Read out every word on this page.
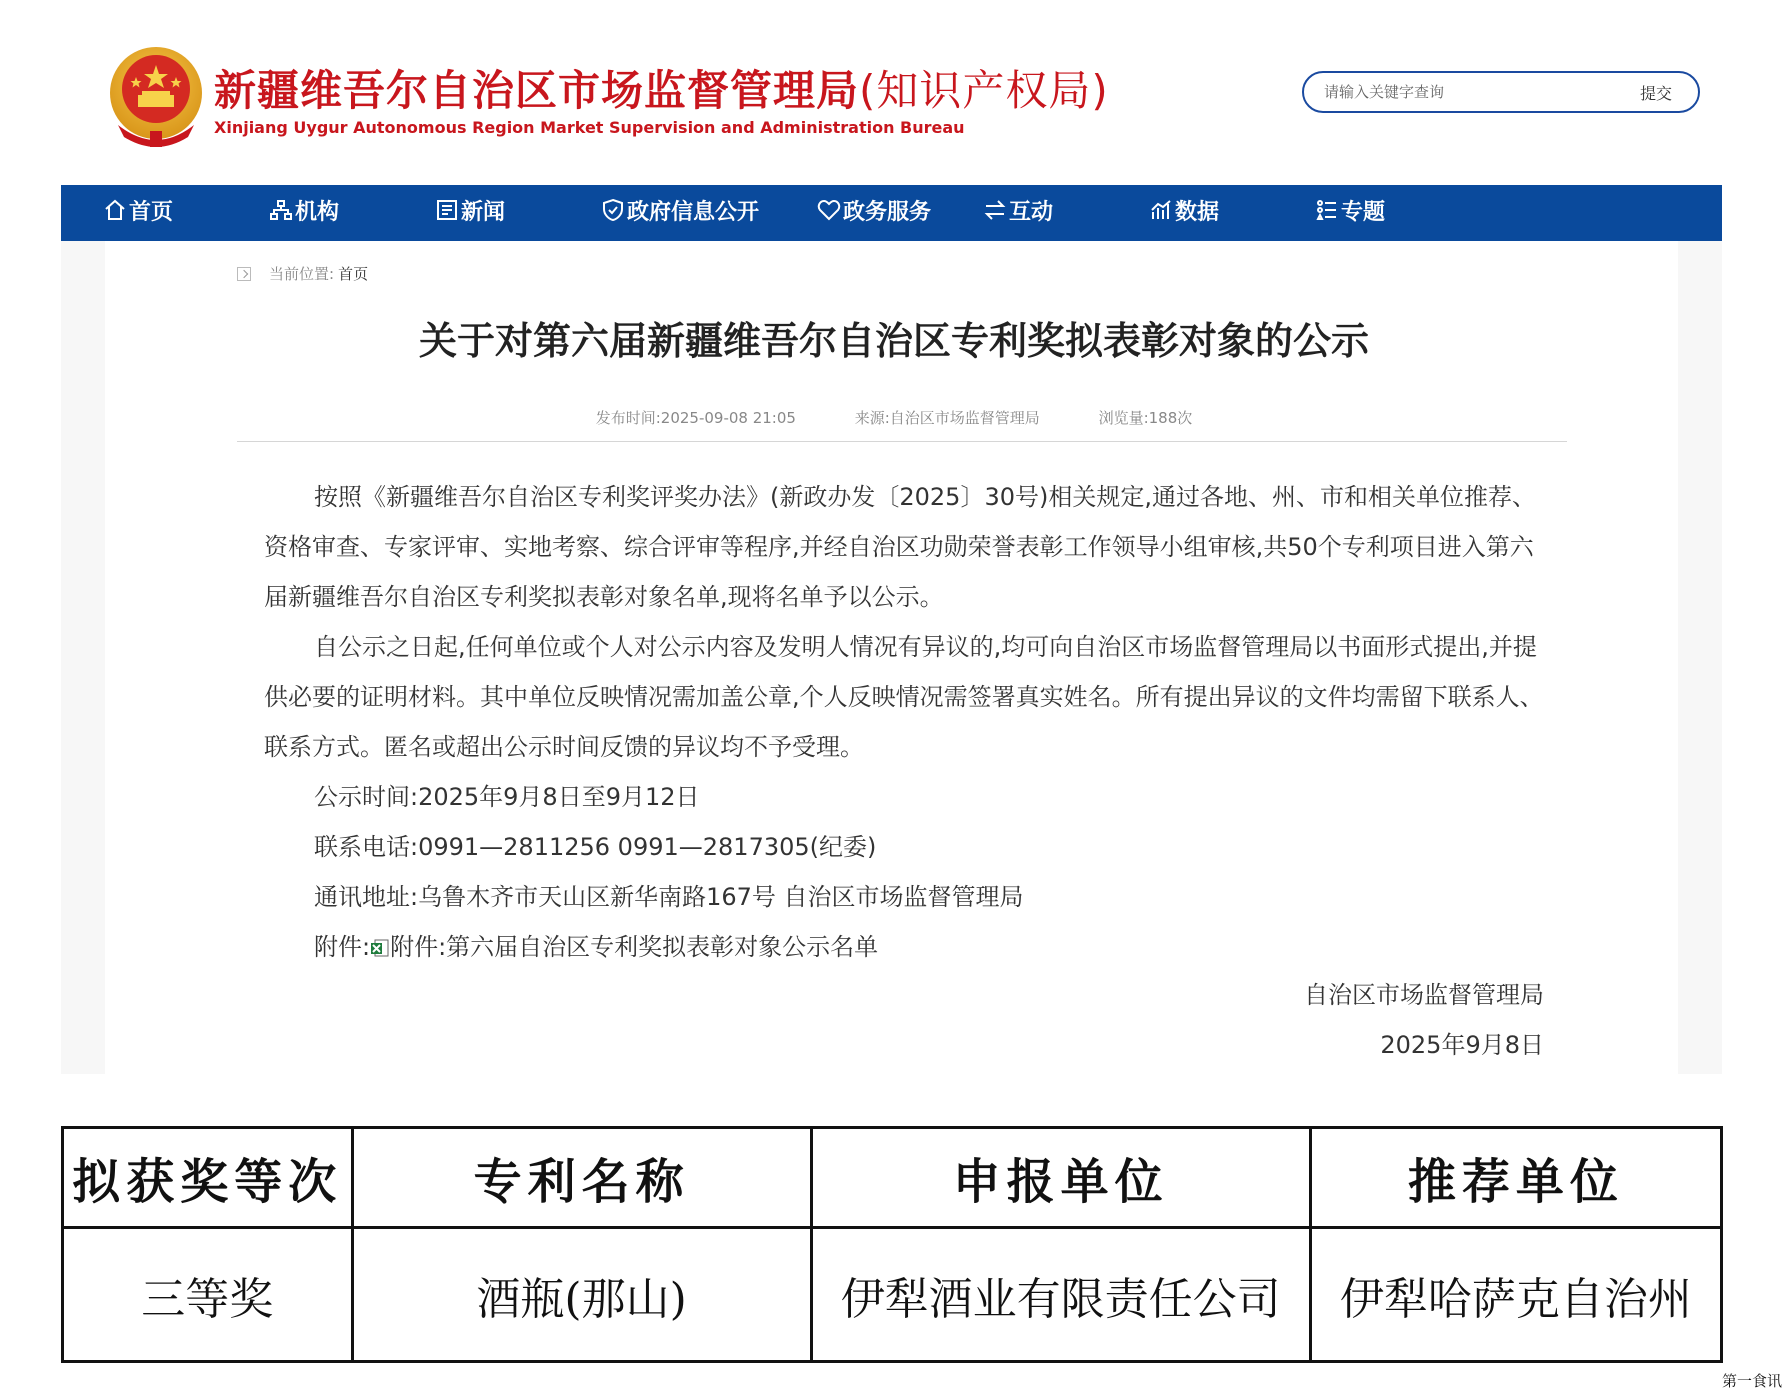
新疆维吾尔自治区市场监督管理局(知识产权局)
Xinjiang Uygur Autonomous Region Market Supervision and Administration Bureau
请输入关键字查询
提交
首页	机构	新闻	政府信息公开	政务服务	互动	数据	专题
当前位置: 首页
关于对第六届新疆维吾尔自治区专利奖拟表彰对象的公示
发布时间:2025-09-08 21:05	来源:自治区市场监督管理局	浏览量:188次

按照《新疆维吾尔自治区专利奖评奖办法》(新政办发〔2025〕30号)相关规定,通过各地、州、市和相关单位推荐、资格审查、专家评审、实地考察、综合评审等程序,并经自治区功勋荣誉表彰工作领导小组审核,共50个专利项目进入第六届新疆维吾尔自治区专利奖拟表彰对象名单,现将名单予以公示。

自公示之日起,任何单位或个人对公示内容及发明人情况有异议的,均可向自治区市场监督管理局以书面形式提出,并提供必要的证明材料。其中单位反映情况需加盖公章,个人反映情况需签署真实姓名。所有提出异议的文件均需留下联系人、联系方式。匿名或超出公示时间反馈的异议均不予受理。

公示时间:2025年9月8日至9月12日

联系电话:0991—2811256 0991—2817305(纪委)

通讯地址:乌鲁木齐市天山区新华南路167号 自治区市场监督管理局

附件: 附件:第六届自治区专利奖拟表彰对象公示名单

自治区市场监督管理局
2025年9月8日
拟获奖等次	专利名称	申报单位	推荐单位
三等奖	酒瓶(那山)	伊犁酒业有限责任公司	伊犁哈萨克自治州
第一食讯
